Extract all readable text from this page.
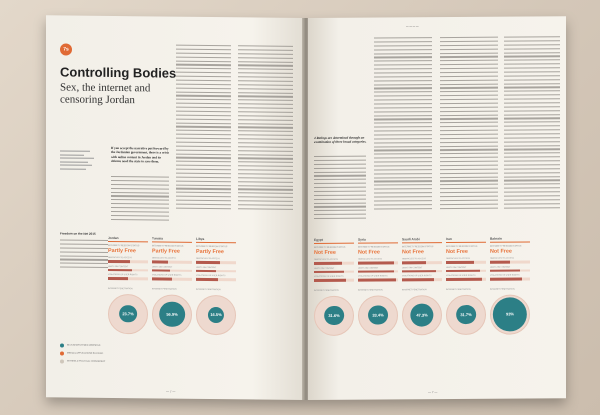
7s
Controlling Bodies
Sex, the internet and censoring Jordan
If you accept the narrative put forward by the Jordanian government, there is a crisis with online content in Jordan and its citizens need the state to save them.
Freedom on the Net 2015
Jordan
INTERNET FREEDOM STATUS
Partly Free
OBSTACLES TO ACCESS
LIMITS ON CONTENT
VIOLATIONS OF USER RIGHTS
INTERNET PENETRATION
23.7%
Tunisia
INTERNET FREEDOM STATUS
Partly Free
OBSTACLES TO ACCESS
LIMITS ON CONTENT
VIOLATIONS OF USER RIGHTS
INTERNET PENETRATION
56.9%
Libya
INTERNET FREEDOM STATUS
Partly Free
OBSTACLES TO ACCESS
LIMITS ON CONTENT
VIOLATIONS OF USER RIGHTS
INTERNET PENETRATION
16.5%
BLOCKED/FILTERED WEBSITES
MEDIA & APPLICATIONS BLOCKED
WITHHELD POLITICAL CENSORSHIP
— 7 —
— — — —
4 Ratings are determined through an examination of three broad categories.
Egypt
INTERNET FREEDOM STATUS
Not Free
OBSTACLES TO ACCESS
LIMITS ON CONTENT
VIOLATIONS OF USER RIGHTS
INTERNET PENETRATION
31.6%
Syria
INTERNET FREEDOM STATUS
Not Free
OBSTACLES TO ACCESS
LIMITS ON CONTENT
VIOLATIONS OF USER RIGHTS
INTERNET PENETRATION
33.4%
Saudi Arabi
INTERNET FREEDOM STATUS
Not Free
OBSTACLES TO ACCESS
LIMITS ON CONTENT
VIOLATIONS OF USER RIGHTS
INTERNET PENETRATION
47.3%
Iran
INTERNET FREEDOM STATUS
Not Free
OBSTACLES TO ACCESS
LIMITS ON CONTENT
VIOLATIONS OF USER RIGHTS
INTERNET PENETRATION
31.7%
Bahrain
INTERNET FREEDOM STATUS
Not Free
OBSTACLES TO ACCESS
LIMITS ON CONTENT
VIOLATIONS OF USER RIGHTS
INTERNET PENETRATION
93%
— 7 —
